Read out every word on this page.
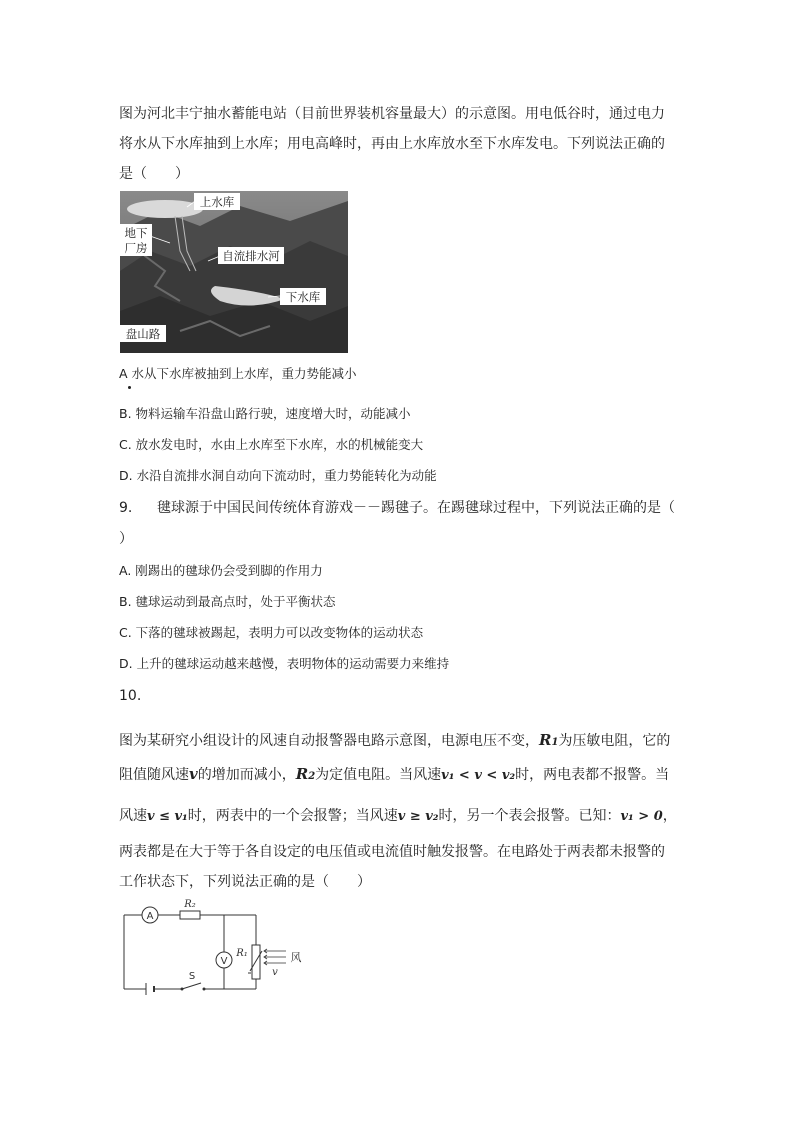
图为河北丰宁抽水蓄能电站（目前世界装机容量最大）的示意图。用电低谷时，通过电力
将水从下水库抽到上水库；用电高峰时，再由上水库放水至下水库发电。下列说法正确的
是（　　）
上水库
地下
厂房
自流排水河
下水库
盘山路
A 水从下水库被抽到上水库，重力势能减小
B. 物料运输车沿盘山路行驶，速度增大时，动能减小
C. 放水发电时，水由上水库至下水库，水的机械能变大
D. 水沿自流排水洞自动向下流动时，重力势能转化为动能
9. 毽球源于中国民间传统体育游戏－－踢毽子。在踢毽球过程中，下列说法正确的是（
）
A. 刚踢出的毽球仍会受到脚的作用力
B. 毽球运动到最高点时，处于平衡状态
C. 下落的毽球被踢起，表明力可以改变物体的运动状态
D. 上升的毽球运动越来越慢，表明物体的运动需要力来维持
10.
图为某研究小组设计的风速自动报警器电路示意图，电源电压不变，R1为压敏电阻，它的
阻值随风速v的增加而减小，R2为定值电阻。当风速v₁ < v < v₂时，两电表都不报警。当
风速v ≤ v₁时，两表中的一个会报警；当风速v ≥ v₂时，另一个表会报警。已知：v₁ > 0，
两表都是在大于等于各自设定的电压值或电流值时触发报警。在电路处于两表都未报警的
工作状态下，下列说法正确的是（　　）
A
R₂
V
R₁	风
v
S
